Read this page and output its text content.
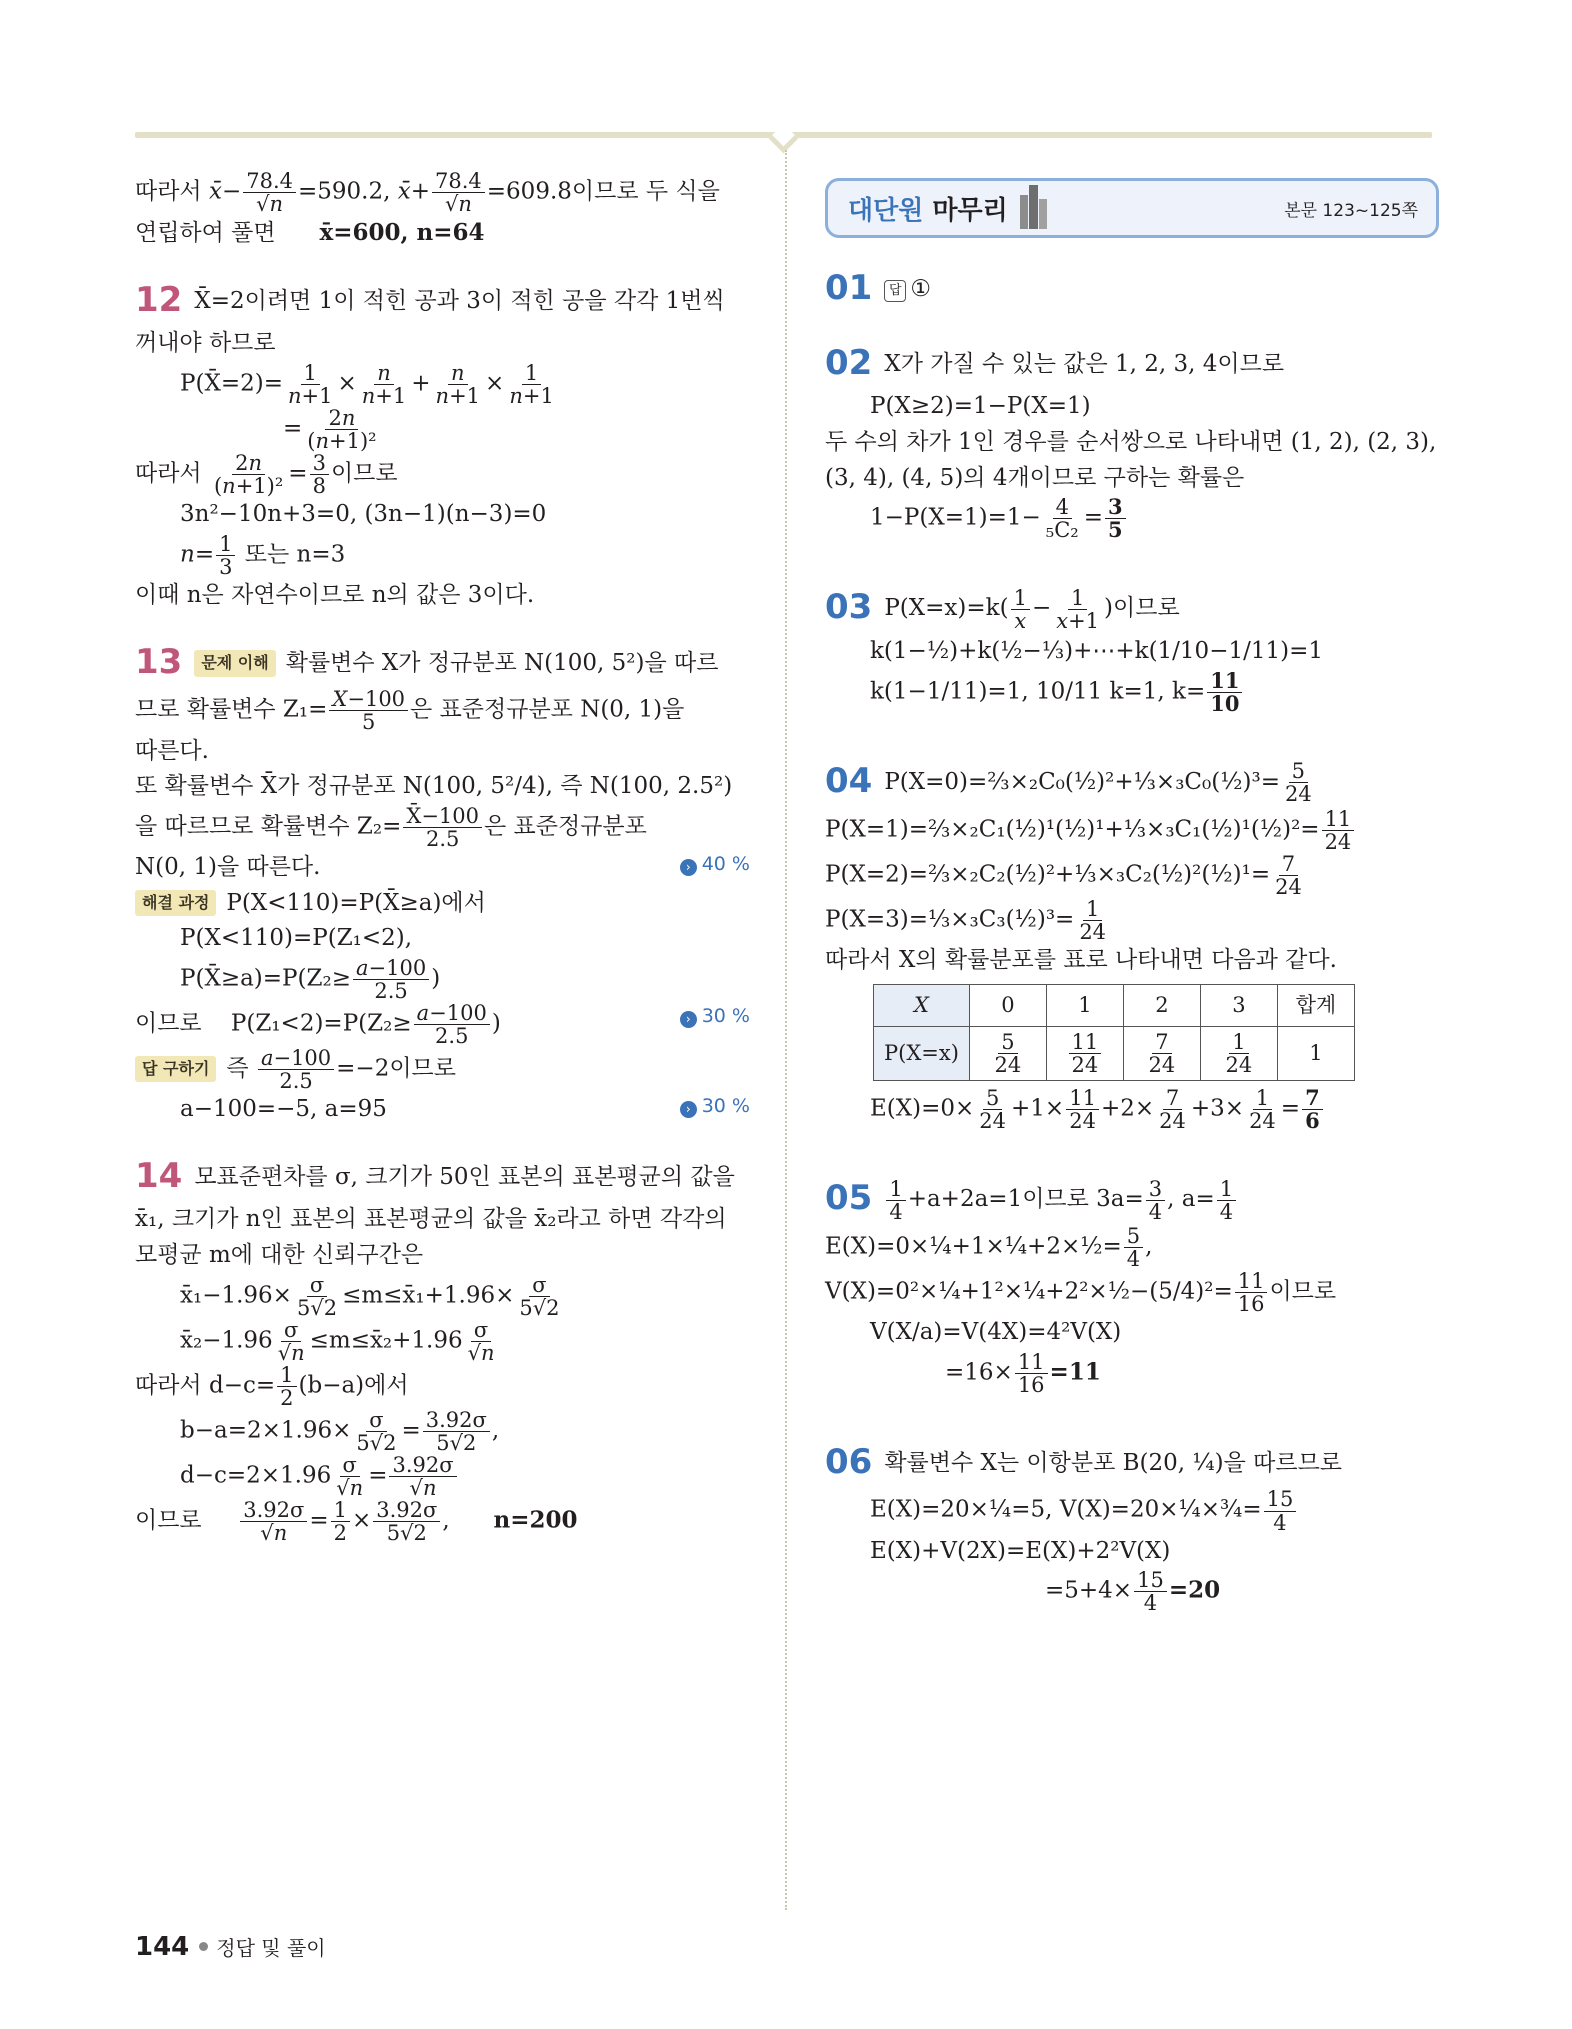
따라서 x̄− $\frac{78.4}{√n} =590.2$, x̄+ $\frac{78.4}{√n} =609.8$이므로 두 식을

연립하여 풀면 x̄=600, n=64

12 X̄=2이려면 1이 적힌 공과 3이 적힌 공을 각각 1번씩

꺼내야 하므로

P(X̄=2)= $\frac{1}{n+1} \times \frac{n}{n+1} + \frac{n}{n+1} \times \frac{1}{n+1}$

= $\frac{2n}{\text{(n+1)²}}$

따라서 $\frac{2n}{\text{(n+1)²}} = \frac{3}{8}$ 이므로

3n²−10n+3=0, (3n−1)(n−3)=0

$n= \frac{1}{3}$ 또는 n=3

이때 n은 자연수이므로 n의 값은 3이다.

13 문제 이해 확률변수 X가 정규분포 N(100, 5²)을 따르

므로 확률변수 $Z_1= \frac{X-100}{5}$ 은 표준정규분포 N(0, 1)을

따른다.

또 확률변수 X̄가 정규분포 N(100, 5²/4), 즉 N(100, 2.5²)

을 따르므로 확률변수 $Z_2= \frac{X̄-100}{2.5}$ 은 표준정규분포

N(0, 1)을 따른다.	› 40 %

해결 과정 P(X<110)=P(X̄≥a)에서

P(X<110)=P(Z₁<2),

P(X̄≥a)=P(Z₂≥ $\frac{a-100}{2.5}$ )

이므로 $P(Z_1<2)=P(Z_2\ge \frac{a-100}{2.5}$ )	› 30 %

답 구하기 즉 $\frac{a-100}{2.5} =-2$이므로

a−100=−5, a=95	› 30 %

14 모표준편차를 σ, 크기가 50인 표본의 표본평균의 값을

x̄₁, 크기가 n인 표본의 표본평균의 값을 x̄₂라고 하면 각각의

모평균 m에 대한 신뢰구간은

x̄₁−1.96× $\frac{\sigma}{5√2}$ ≤m≤x̄₁+1.96× $\frac{\sigma}{5√2}$

x̄₂−1.96 $\frac{\sigma}{√n}$ ≤m≤x̄₂+1.96 $\frac{\sigma}{√n}$

따라서 $d-c= \frac{1}{2} (b-a)$에서

$b-a=2\times 1.96\times \frac{\sigma}{5√2} = \frac{3.92\sigma}{5√2}$ ,

$d-c=2\times 1.96 \frac{\sigma}{√n} = \frac{3.92\sigma}{√n}$

이므로 $\frac{3.92\sigma}{√n} = \frac{1}{2} \times \frac{3.92\sigma}{5√2}$ ,      n=200

대단원 마무리	본문 123~125쪽

01 답 ①

02 X가 가질 수 있는 값은 1, 2, 3, 4이므로

P(X≥2)=1−P(X=1)

두 수의 차가 1인 경우를 순서쌍으로 나타내면 (1, 2), (2, 3),

(3, 4), (4, 5)의 4개이므로 구하는 확률은

$1-P(X=1)=1- \frac{4}{\text{₅C₂}} = \frac{3}{5}$

03 $P(X=x)=k( \frac{1}{x} - \frac{1}{x+1}$ )이므로

k(1−½)+k(½−⅓)+⋯+k(1/10−1/11)=1

k(1−1/11)=1, 10/11 k=1, $k= \frac{11}{10}$

04 P(X=0)=⅔×₂C₀(½)²+⅓×₃C₀(½)³= $\frac{5}{24}$

P(X=1)=⅔×₂C₁(½)¹(½)¹+⅓×₃C₁(½)¹(½)²= $\frac{11}{24}$

P(X=2)=⅔×₂C₂(½)²+⅓×₃C₂(½)²(½)¹= $\frac{7}{24}$

P(X=3)=⅓×₃C₃(½)³= $\frac{1}{24}$

따라서 X의 확률분포를 표로 나타내면 다음과 같다.

X	0	1	2	3	합계
P(X=x)	$\frac{5}{24}$	$\frac{11}{24}$	$\frac{7}{24}$	$\frac{1}{24}$	1

$E(X)=0\times \frac{5}{24} +1\times \frac{11}{24} +2\times \frac{7}{24} +3\times \frac{1}{24} = \frac{7}{6}$

$05 \frac{1}{4} +a+2a=1$이므로 $3a= \frac{3}{4}$ , $a= \frac{1}{4}$

E(X)=0×¼+1×¼+2×½= $\frac{5}{4}$ ,

V(X)=0²×¼+1²×¼+2²×½−(5/4)²= $\frac{11}{16}$ 이므로

V(X/a)=V(4X)=4²V(X)

$=16\times \frac{11}{16} =11$

06 확률변수 X는 이항분포 B(20, ¼)을 따르므로

E(X)=20×¼=5, V(X)=20×¼×¾= $\frac{15}{4}$

E(X)+V(2X)=E(X)+2²V(X)

$=5+4\times \frac{15}{4} =20$

144 정답 및 풀이
